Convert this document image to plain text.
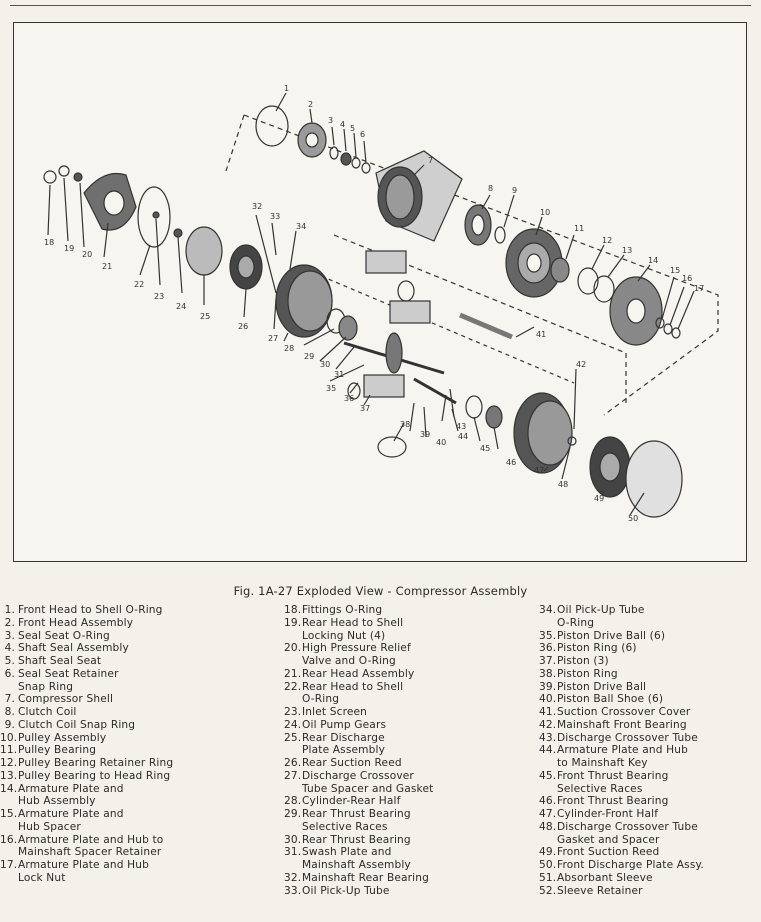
1
2
3 4 5
6
7
8 9
10
11
12
13
14
15
16
17
18
19
20
21
22
23
24
25
26
27
28
29
30
31
32
33
34
35
36
37
38
39
40
41
42
43
44
45
46
47
48
49
50
Fig. 1A-27 Exploded View - Compressor Assembly
1. Front Head to Shell O-Ring
2. Front Head Assembly
3. Seal Seat O-Ring
4. Shaft Seal Assembly
5. Shaft Seal Seat
6. Seal Seat Retainer
Snap Ring
7. Compressor Shell
8. Clutch Coil
9. Clutch Coil Snap Ring
10. Pulley Assembly
11. Pulley Bearing
12. Pulley Bearing Retainer Ring
13. Pulley Bearing to Head Ring
14. Armature Plate and
Hub Assembly
15. Armature Plate and
Hub Spacer
16. Armature Plate and Hub to
Mainshaft Spacer Retainer
17. Armature Plate and Hub
Lock Nut
18. Fittings O-Ring
19. Rear Head to Shell
Locking Nut (4)
20. High Pressure Relief
Valve and O-Ring
21. Rear Head Assembly
22. Rear Head to Shell
O-Ring
23. Inlet Screen
24. Oil Pump Gears
25. Rear Discharge
Plate Assembly
26. Rear Suction Reed
27. Discharge Crossover
Tube Spacer and Gasket
28. Cylinder-Rear Half
29. Rear Thrust Bearing
Selective Races
30. Rear Thrust Bearing
31. Swash Plate and
Mainshaft Assembly
32. Mainshaft Rear Bearing
33. Oil Pick-Up Tube
34. Oil Pick-Up Tube
O-Ring
35. Piston Drive Ball (6)
36. Piston Ring (6)
37. Piston (3)
38. Piston Ring
39. Piston Drive Ball
40. Piston Ball Shoe (6)
41. Suction Crossover Cover
42. Mainshaft Front Bearing
43. Discharge Crossover Tube
44. Armature Plate and Hub
to Mainshaft Key
45. Front Thrust Bearing
Selective Races
46. Front Thrust Bearing
47. Cylinder-Front Half
48. Discharge Crossover Tube
Gasket and Spacer
49. Front Suction Reed
50. Front Discharge Plate Assy.
51. Absorbant Sleeve
52. Sleeve Retainer
